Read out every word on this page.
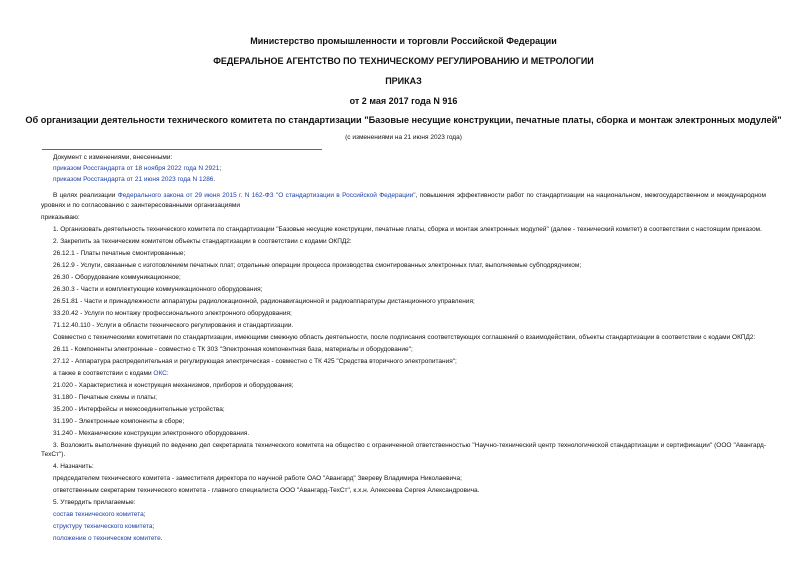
Министерство промышленности и торговли Российской Федерации
ФЕДЕРАЛЬНОЕ АГЕНТСТВО ПО ТЕХНИЧЕСКОМУ РЕГУЛИРОВАНИЮ И МЕТРОЛОГИИ
ПРИКАЗ
от 2 мая 2017 года N 916
Об организации деятельности технического комитета по стандартизации "Базовые несущие конструкции, печатные платы, сборка и монтаж электронных модулей"
(с изменениями на 21 июня 2023 года)
Документ с изменениями, внесенными:
приказом Росстандарта от 18 ноября 2022 года N 2921;
приказом Росстандарта от 21 июня 2023 года N 1286.
В целях реализации Федерального закона от 29 июня 2015 г. N 162-ФЗ "О стандартизации в Российской Федерации", повышения эффективности работ по стандартизации на национальном, межгосударственном и международном уровнях и по согласованию с заинтересованными организациями
приказываю:
1. Организовать деятельность технического комитета по стандартизации "Базовые несущие конструкции, печатные платы, сборка и монтаж электронных модулей" (далее - технический комитет) в соответствии с настоящим приказом.
2. Закрепить за техническим комитетом объекты стандартизации в соответствии с кодами ОКПД2:
26.12.1 - Платы печатные смонтированные;
26.12.9 - Услуги, связанные с изготовлением печатных плат; отдельные операции процесса производства смонтированных электронных плат, выполняемые субподрядчиком;
26.30 - Оборудование коммуникационное;
26.30.3 - Части и комплектующие коммуникационного оборудования;
26.51.81 - Части и принадлежности аппаратуры радиолокационной, радионавигационной и радиоаппаратуры дистанционного управления;
33.20.42 - Услуги по монтажу профессионального электронного оборудования;
71.12.40.110 - Услуги в области технического регулирования и стандартизации.
Совместно с техническими комитетами по стандартизации, имеющими смежную область деятельности, после подписания соответствующих соглашений о взаимодействии, объекты стандартизации в соответствии с кодами ОКПД2:
26.11 - Компоненты электронные - совместно с ТК 303 "Электронная компонентная база, материалы и оборудование";
27.12 - Аппаратура распределительная и регулирующая электрическая - совместно с ТК 425 "Средства вторичного электропитания";
а также в соответствии с кодами ОКС:
21.020 - Характеристика и конструкция механизмов, приборов и оборудования;
31.180 - Печатные схемы и платы;
35.200 - Интерфейсы и межсоединительные устройства;
31.190 - Электронные компоненты в сборе;
31.240 - Механические конструкции электронного оборудования.
3. Возложить выполнение функций по ведению дел секретариата технического комитета на общество с ограниченной ответственностью "Научно-технический центр технологической стандартизации и сертификации" (ООО "Авангард-ТехСт").
4. Назначить:
председателем технического комитета - заместителя директора по научной работе ОАО "Авангард" Звереву Владимира Николаевича;
ответственным секретарем технического комитета - главного специалиста ООО "Авангард-ТехСт", к.х.н. Алексеева Сергея Александровича.
5. Утвердить прилагаемые:
состав технического комитета;
структуру технического комитета;
положение о техническом комитете.
